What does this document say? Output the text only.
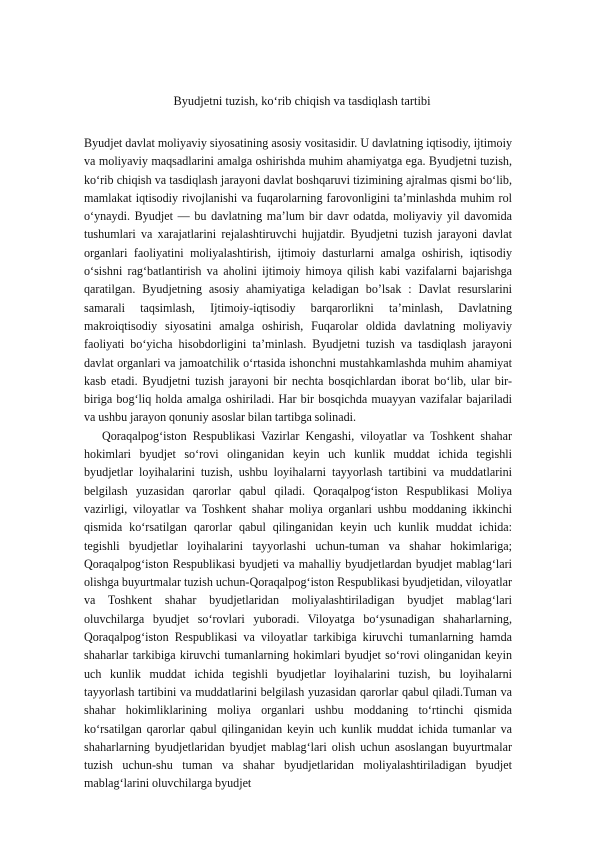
Byudjetni tuzish, ko‘rib chiqish va tasdiqlash tartibi

Byudjet davlat moliyaviy siyosatining asosiy vositasidir. U davlatning iqtisodiy, ijtimoiy va moliyaviy maqsadlarini amalga oshirishda muhim ahamiyatga ega. Byudjetni tuzish, ko‘rib chiqish va tasdiqlash jarayoni davlat boshqaruvi tizimining ajralmas qismi bo‘lib, mamlakat iqtisodiy rivojlanishi va fuqarolarning farovonligini ta’minlashda muhim rol o‘ynaydi. Byudjet — bu davlatning ma’lum bir davr odatda, moliyaviy yil davomida tushumlari va xarajatlarini rejalashtiruvchi hujjatdir. Byudjetni tuzish jarayoni davlat organlari faoliyatini moliyalashtirish, ijtimoiy dasturlarni amalga oshirish, iqtisodiy o‘sishni rag‘batlantirish va aholini ijtimoiy himoya qilish kabi vazifalarni bajarishga qaratilgan. Byudjetning asosiy ahamiyatiga keladigan bo’lsak : Davlat resurslarini samarali taqsimlash, Ijtimoiy-iqtisodiy barqarorlikni ta’minlash, Davlatning makroiqtisodiy siyosatini amalga oshirish, Fuqarolar oldida davlatning moliyaviy faoliyati bo‘yicha hisobdorligini ta’minlash. Byudjetni tuzish va tasdiqlash jarayoni davlat organlari va jamoatchilik o‘rtasida ishonchni mustahkamlashda muhim ahamiyat kasb etadi. Byudjetni tuzish jarayoni bir nechta bosqichlardan iborat bo‘lib, ular bir-biriga bog‘liq holda amalga oshiriladi. Har bir bosqichda muayyan vazifalar bajariladi va ushbu jarayon qonuniy asoslar bilan tartibga solinadi.

Qoraqalpog‘iston Respublikasi Vazirlar Kengashi, viloyatlar va Toshkent shahar hokimlari byudjet so‘rovi olinganidan keyin uch kunlik muddat ichida tegishli byudjetlar loyihalarini tuzish, ushbu loyihalarni tayyorlash tartibini va muddatlarini belgilash yuzasidan qarorlar qabul qiladi. Qoraqalpog‘iston Respublikasi Moliya vazirligi, viloyatlar va Toshkent shahar moliya organlari ushbu moddaning ikkinchi qismida ko‘rsatilgan qarorlar qabul qilinganidan keyin uch kunlik muddat ichida: tegishli byudjetlar loyihalarini tayyorlashi uchun-tuman va shahar hokimlariga; Qoraqalpog‘iston Respublikasi byudjeti va mahalliy byudjetlardan byudjet mablag‘lari olishga buyurtmalar tuzish uchun-Qoraqalpog‘iston Respublikasi byudjetidan, viloyatlar va Toshkent shahar byudjetlaridan moliyalashtiriladigan byudjet mablag‘lari oluvchilarga byudjet so‘rovlari yuboradi. Viloyatga bo‘ysunadigan shaharlarning, Qoraqalpog‘iston Respublikasi va viloyatlar tarkibiga kiruvchi tumanlarning hamda shaharlar tarkibiga kiruvchi tumanlarning hokimlari byudjet so‘rovi olinganidan keyin uch kunlik muddat ichida tegishli byudjetlar loyihalarini tuzish, bu loyihalarni tayyorlash tartibini va muddatlarini belgilash yuzasidan qarorlar qabul qiladi.Tuman va shahar hokimliklarining moliya organlari ushbu moddaning to‘rtinchi qismida ko‘rsatilgan qarorlar qabul qilinganidan keyin uch kunlik muddat ichida tumanlar va shaharlarning byudjetlaridan byudjet mablag‘lari olish uchun asoslangan buyurtmalar tuzish uchun-shu tuman va shahar byudjetlaridan moliyalashtiriladigan byudjet mablag‘larini oluvchilarga byudjet
